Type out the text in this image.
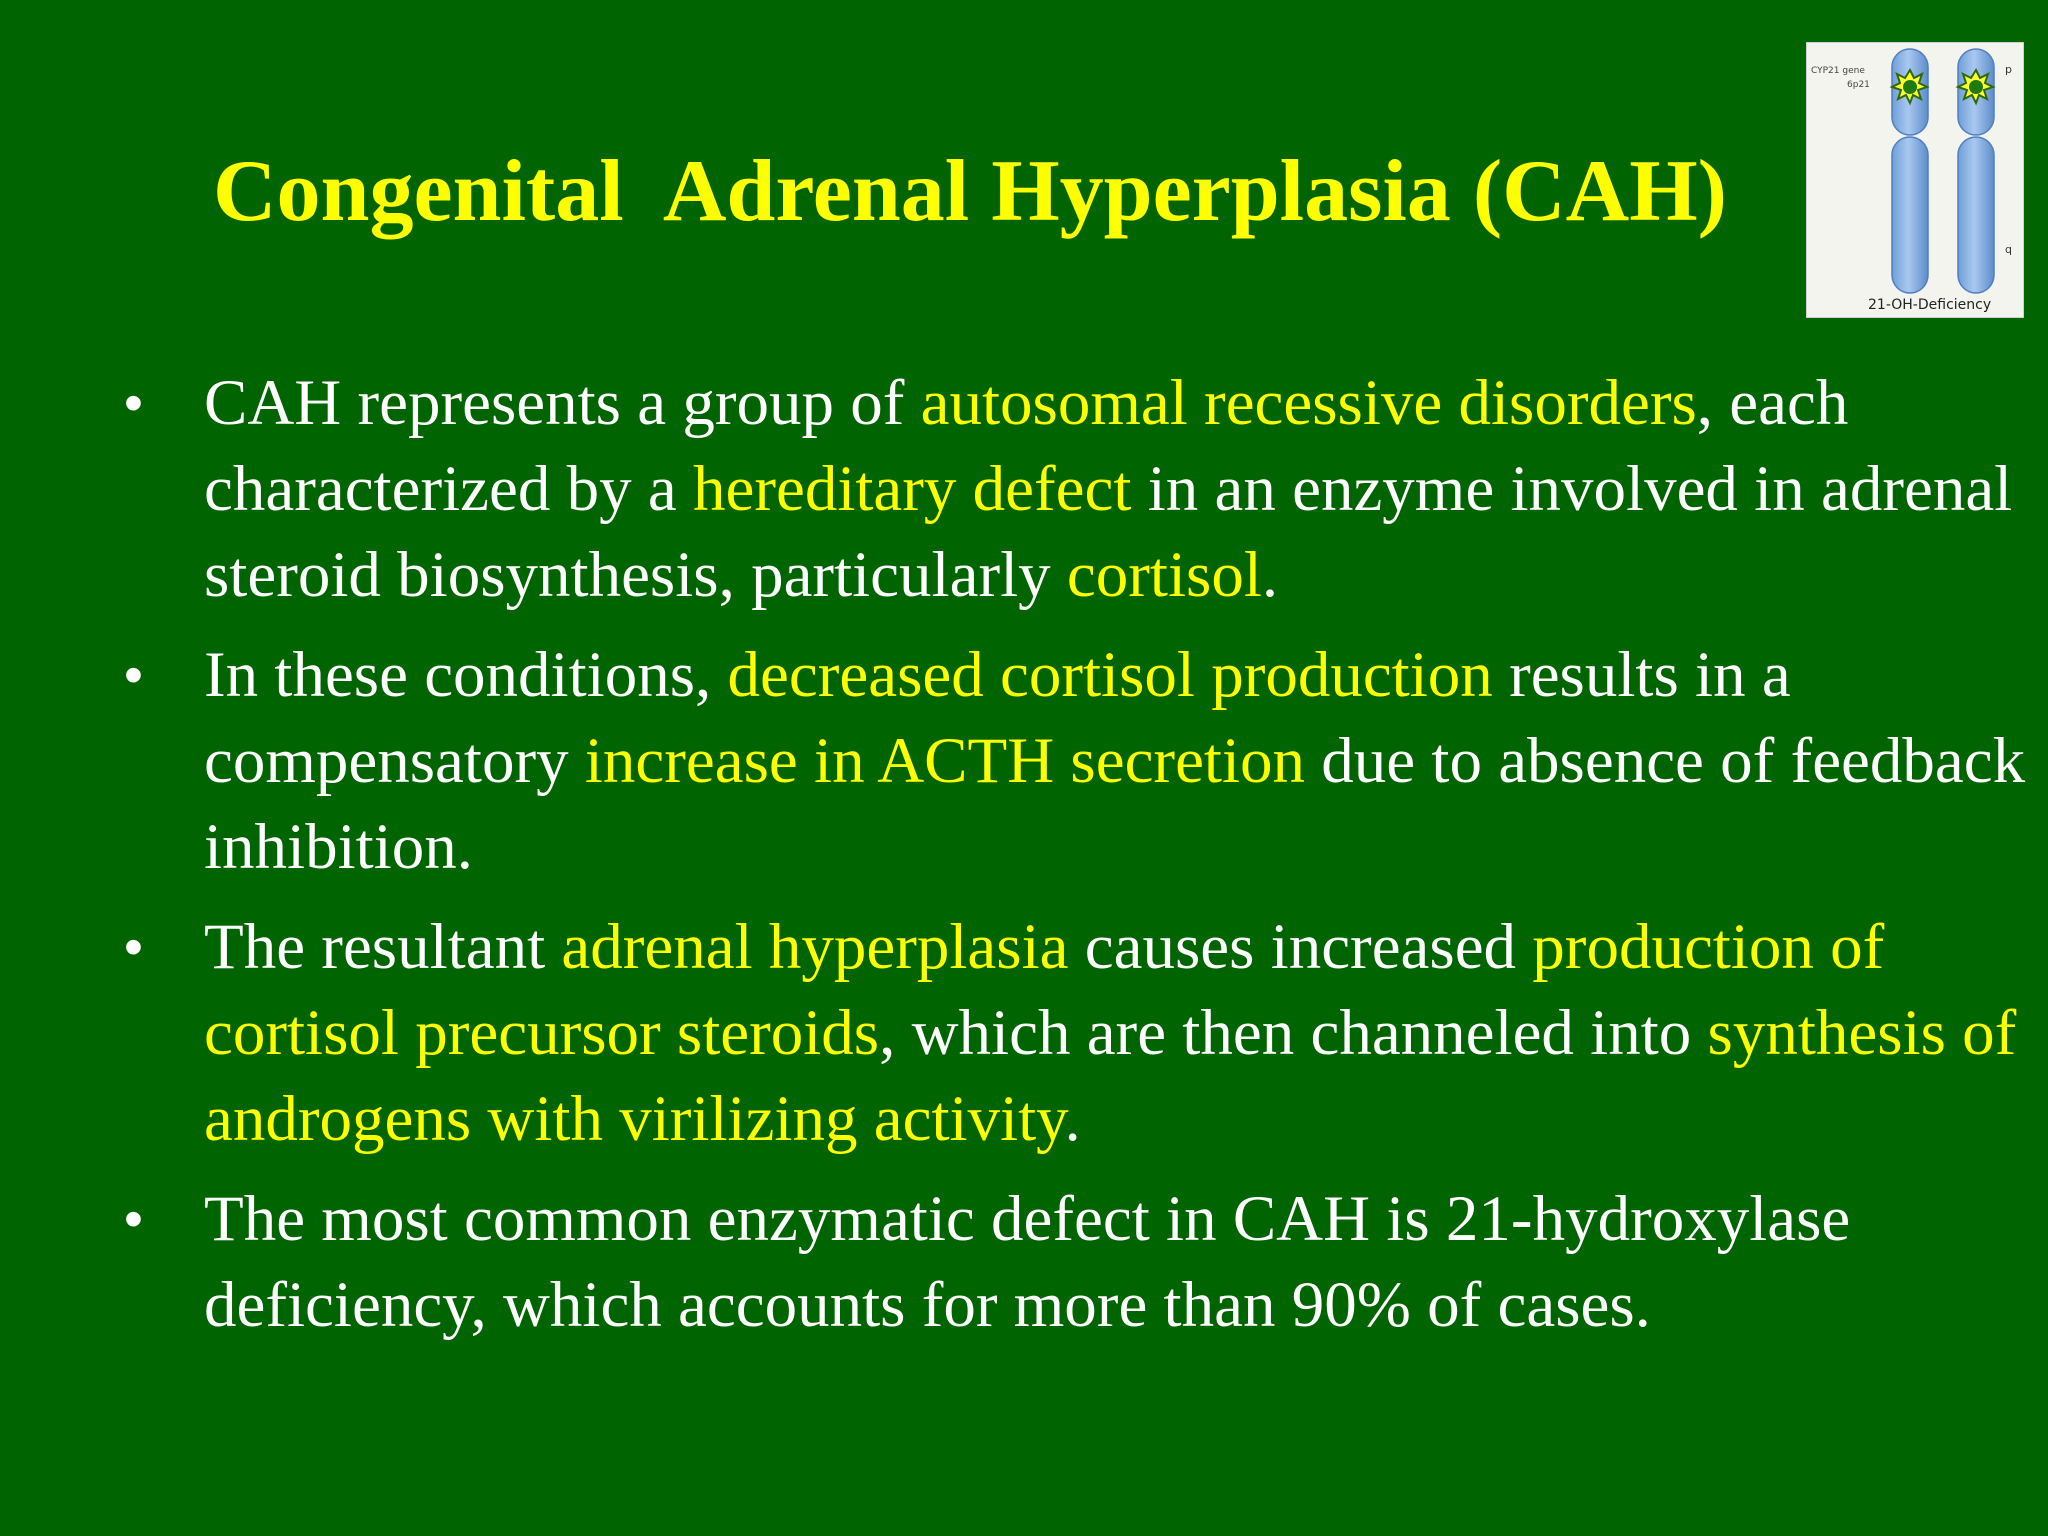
Congenital  Adrenal Hyperplasia (CAH)
CYP21 gene
6p21
p
q
21-OH-Deficiency
• CAH represents a group of autosomal recessive disorders, each characterized by a hereditary defect in an enzyme involved in adrenal steroid biosynthesis, particularly cortisol.
• In these conditions, decreased cortisol production results in a compensatory increase in ACTH secretion due to absence of feedback inhibition.
• The resultant adrenal hyperplasia causes increased production of cortisol precursor steroids, which are then channeled into synthesis of androgens with virilizing activity.
• The most common enzymatic defect in CAH is 21-hydroxylase deficiency, which accounts for more than 90% of cases.
